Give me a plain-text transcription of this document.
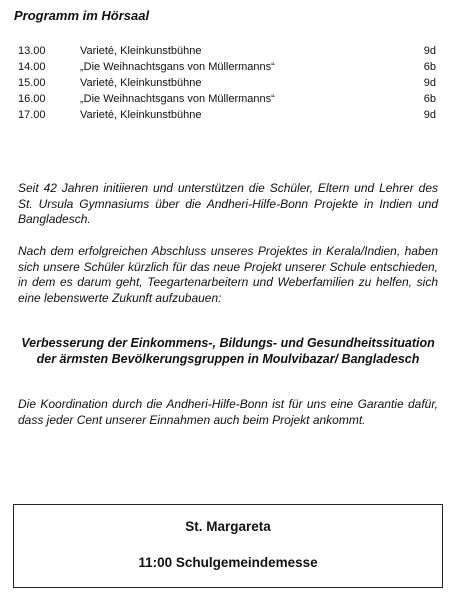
Programm im Hörsaal
13.00	Varieté, Kleinkunstbühne	9d
14.00	„Die Weihnachtsgans von Müllermanns“	6b
15.00	Varieté, Kleinkunstbühne	9d
16.00	„Die Weihnachtsgans von Müllermanns“	6b
17.00	Varieté, Kleinkunstbühne	9d
Seit 42 Jahren initiieren und unterstützen die Schüler, Eltern und Lehrer des St. Ursula Gymnasiums über die Andheri-Hilfe-Bonn Projekte in Indien und Bangladesch.
Nach dem erfolgreichen Abschluss unseres Projektes in Kerala/Indien, haben sich unsere Schüler kürzlich für das neue Projekt unserer Schule entschieden, in dem es darum geht, Teegartenarbeitern und Weberfamilien zu helfen, sich eine lebenswerte Zukunft aufzubauen:
Verbesserung der Einkommens-, Bildungs- und Gesundheitssituation der ärmsten Bevölkerungsgruppen in Moulvibazar/ Bangladesch
Die Koordination durch die Andheri-Hilfe-Bonn ist für uns eine Garantie dafür, dass jeder Cent unserer Einnahmen auch beim Projekt ankommt.
St. Margareta
11:00 Schulgemeindemesse
